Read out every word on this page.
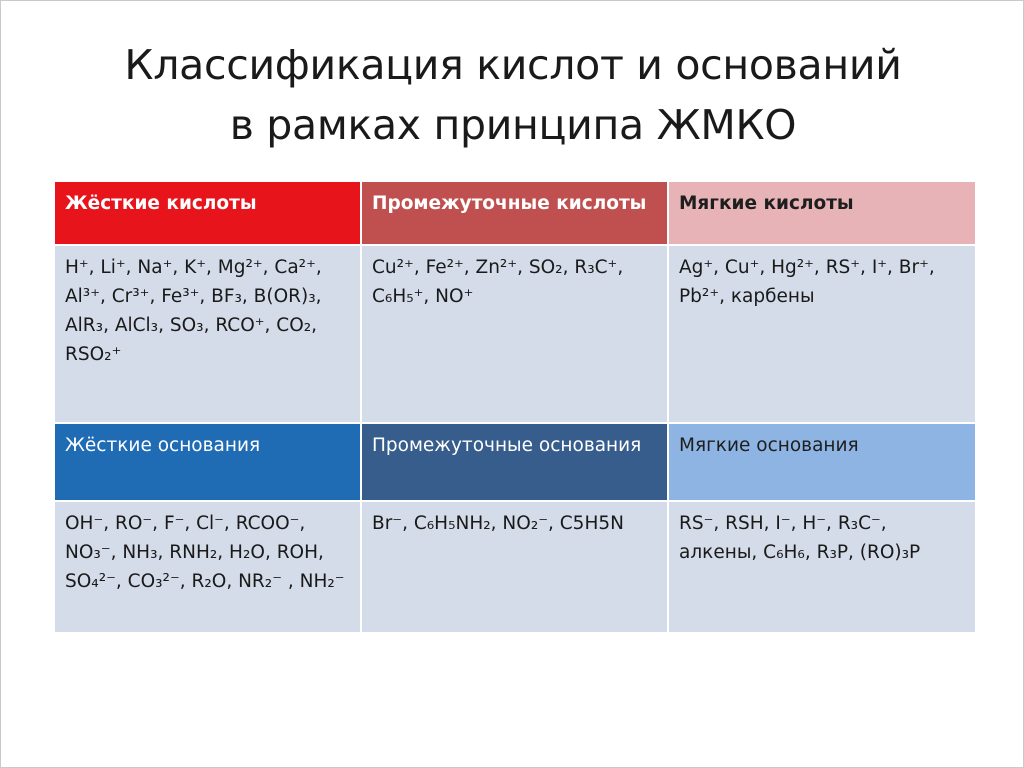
Классификация кислот и оснований
в рамках принципа ЖМКО
Жёсткие кислоты	Промежуточные кислоты	Мягкие кислоты
H⁺, Li⁺, Na⁺, K⁺, Mg²⁺, Ca²⁺, Al³⁺, Cr³⁺, Fe³⁺, BF₃, B(OR)₃, AlR₃, AlCl₃, SO₃, RCO⁺, CO₂, RSO₂⁺	Cu²⁺, Fe²⁺, Zn²⁺, SO₂, R₃C⁺, C₆H₅⁺, NO⁺	Ag⁺, Cu⁺, Hg²⁺, RS⁺, I⁺, Br⁺, Pb²⁺, карбены
Жёсткие основания	Промежуточные основания	Мягкие основания
OH⁻, RO⁻, F⁻, Cl⁻, RCOO⁻, NO₃⁻, NH₃, RNH₂, H₂O, ROH, SO₄²⁻, CO₃²⁻, R₂O, NR₂⁻ , NH₂⁻	Br⁻, C₆H₅NH₂, NO₂⁻, C5H5N	RS⁻, RSH, I⁻, H⁻, R₃C⁻, алкены, C₆H₆, R₃P, (RO)₃P
